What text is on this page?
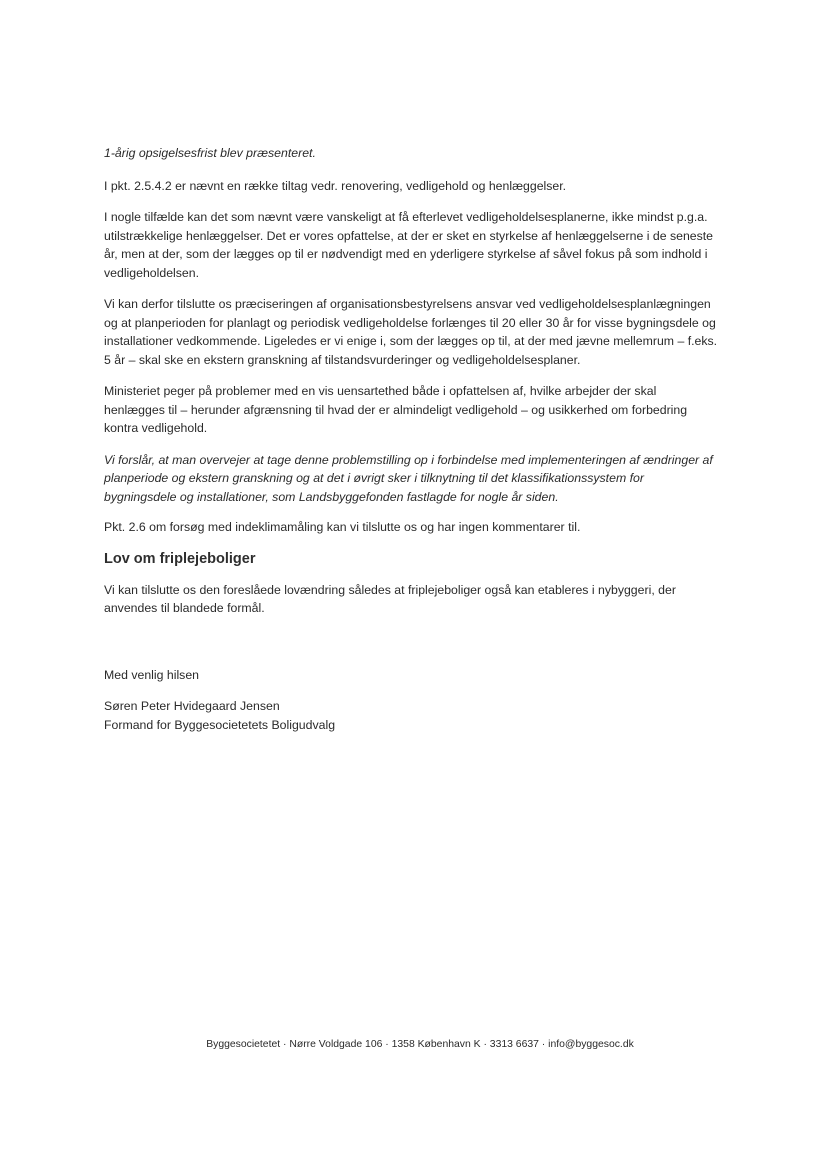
1-årig opsigelsesfrist blev præsenteret.

I pkt. 2.5.4.2 er nævnt en række tiltag vedr. renovering, vedligehold og henlæggelser.

I nogle tilfælde kan det som nævnt være vanskeligt at få efterlevet vedligeholdelsesplanerne, ikke mindst p.g.a. utilstrækkelige henlæggelser. Det er vores opfattelse, at der er sket en styrkelse af henlæggelserne i de seneste år, men at der, som der lægges op til er nødvendigt med en yderligere styrkelse af såvel fokus på som indhold i vedligeholdelsen.

Vi kan derfor tilslutte os præciseringen af organisationsbestyrelsens ansvar ved vedligeholdelsesplanlægningen og at planperioden for planlagt og periodisk vedligeholdelse forlænges til 20 eller 30 år for visse bygningsdele og installationer vedkommende. Ligeledes er vi enige i, som der lægges op til, at der med jævne mellemrum – f.eks. 5 år – skal ske en ekstern granskning af tilstandsvurderinger og vedligeholdelsesplaner.

Ministeriet peger på problemer med en vis uensartethed både i opfattelsen af, hvilke arbejder der skal henlægges til – herunder afgrænsning til hvad der er almindeligt vedligehold – og usikkerhed om forbedring kontra vedligehold.

Vi forslår, at man overvejer at tage denne problemstilling op i forbindelse med implementeringen af ændringer af planperiode og ekstern granskning og at det i øvrigt sker i tilknytning til det klassifikationssystem for bygningsdele og installationer, som Landsbyggefonden fastlagde for nogle år siden.

Pkt. 2.6 om forsøg med indeklimamåling kan vi tilslutte os og har ingen kommentarer til.

Lov om friplejeboliger

Vi kan tilslutte os den foreslåede lovændring således at friplejeboliger også kan etableres i nybyggeri, der anvendes til blandede formål.

Med venlig hilsen

Søren Peter Hvidegaard Jensen

Formand for Byggesocietetets Boligudvalg

Byggesocietetet · Nørre Voldgade 106 · 1358 København K · 3313 6637 · info@byggesoc.dk
